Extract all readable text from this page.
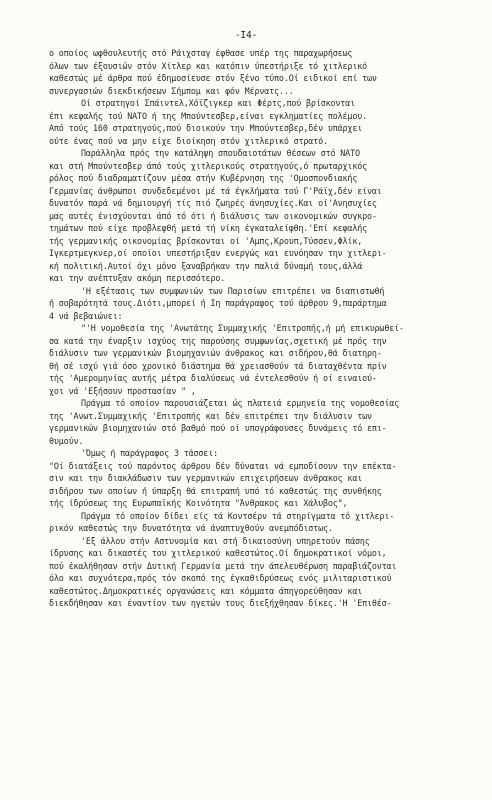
-I4-
ο οποίος ωφθουλευτής στό Ράιχσταγ έφθασε υπέρ της παραχωρήσεως
όλων των έξουσιών στόν Χίτλερ και κατόπιν ύπεστήριξε τό χιτλερικό
καθεστώς μέ άρθρα πού έδημοσίευσε στόν ξένο τύπο.Οί ειδικοί επί των
συνεργασιών διεκδικήσεων Σήμπομ και φόν Μέρνατς...
Οί στρατηγοί Σπάιντελ,Χόϊζιγκερ και Φέρτς,πού βρίσκονται
έπι κεφαλής τού ΝΑΤΟ ή της Μπούντεσβερ,είναι εγκληματίες πολέμου.
Από τούς 160 στρατηγούς,πού διοικούν την Μπούντεσβερ,δέν υπάρχει
ούτε ένας πού να μην είχε διοίκηση στόν χιτλερικό στρατό.
Παράλληλα πρός την κατάληψη σπουδαιοτάτων θέσεων στό ΝΑΤΟ
και στή Μπούντεσβερ άπό τούς χιτλερικούς στρατηγούς,ό πρωταρχικός
ρόλος πού διαδραματίζουν μέσα στήν Κυβέρνηση της 'Ομοσπονδιακής
Γερμανίας άνθρωποι συνδεδεμένοι μέ τά έγκλήματα τού Γ'Ράϊχ,δέν είναι
δυνατόν παρά νά δημιουργή τίς πιό ζωηρές άνησυχίες.Και οί'Ανησυχίες
μας αυτές ένισχύονται άπό τό ότι ή διάλυσις των οικονομικών συγκρο-
τημάτων πού είχε προβλεφθή μετά τή νίκη έγκαταλείφθη.'Επί κεφαλής
τής γερμανικής οικονομίας βρίσκονται οί 'Αμπς,Κρουπ,Τύσσεν,Φλίκ,
Ιγκερτμεγκνερ,οί οποίοι υπεστήριξαν ενεργώς και ευνόησαν την χιτλερι-
κή πολιτική.Αυτοί όχι μόνο ξαναβρήκαν την παλιά δύναμή τους,άλλά
και την ανέπτυξαν ακόμη περισσότερο.
'Η εξέτασις των συμφωνιών των Παρισίων επιτρέπει να διαπιστωθή
ή σοβαρότητά τους.Διότι,μπορεί ή Ιη παράγραφος τού άρθρου 9,παράρτημα
4 νά βεβαιώνει:
"'Η νομοθεσία της 'Ανωτάτης Συμμαχικής 'Επιτροπής,ή μή επικυρωθεί-
σα κατά την έναρξιν ισχύος της παρούσης συμφωνίας,σχετική μέ πρός την
διάλυσιν των γερμανικών βιομηχανιών άνθρακος και σιδήρου,θά διατηρη-
θή σέ ισχύ γιά όσο χρονικό διάστημα θά χρειασθούν τά διαταχθέντα πρίν
τής 'Αμερομηνίας αυτής μέτρα διαλύσεως νά έντελεσθούν ή οί ειναιού-
χοι νά 'Εξήσουν προστασίαν " ,
Πράγμα τό οποίον παρουσιάζεται ώς πλατειά ερμηνεία της νομοθεσίας
της 'Ανωτ.Συμμαχικής 'Επιτροπής και δέν επιτρέπει την διάλυσιν των
γερμανικών βιομηχανιών στό βαθμό πού οί υπογράφουσες δυνάμεις τό επι-
θυμούν.
'Όμως ή παράγραφος 3 τάσσει:
"Οί διατάξεις τού παρόντος άρθρου δέν δύναται νά εμποδίσουν την επέκτα-
σιν και την διακλάδωσιν των γερμανικών επιχειρήσεων άνθρακος και
σιδήρου των οποίων ή ύπαρξη θά επιτραπή υπό τό καθεστώς της συνθήκης
τής ίδρύσεως της Ευρωπαϊκής Κοινότητα "Άνθρακος και Χάλυβος",
Πράγμα τό οποίον δίδει είς τά Κοντσέρν τά στηρίγματα τό χιτλερι-
ρικόν καθεστώς την δυνατότητα νά άναπτυχθούν ανεμπόδιστως.
'Εξ άλλου στήν Αστυνομία και στή δικαιοσύνη υπηρετούν πάσης
ίδρυσης και δικαστές του χιτλερικού καθεστώτος.Οί δημοκρατικοί νόμοι,
πού έκαλήθησαν στήν Δυτική Γερμανία μετά την άπελευθέρωση παραβιάζονται
όλο και συχνότερα,πρός τόν σκοπό της έγκαθιδρύσεως ενός μιλιταριστικού
καθεστώτος.Δημοκρατικές οργανώσεις και κόμματα άπηγορεύθησαν και
διεκδήθησαν και έναντίον των ηγετών τους διεξήχθησαν δίκες.'Η 'Επιθέσ-
